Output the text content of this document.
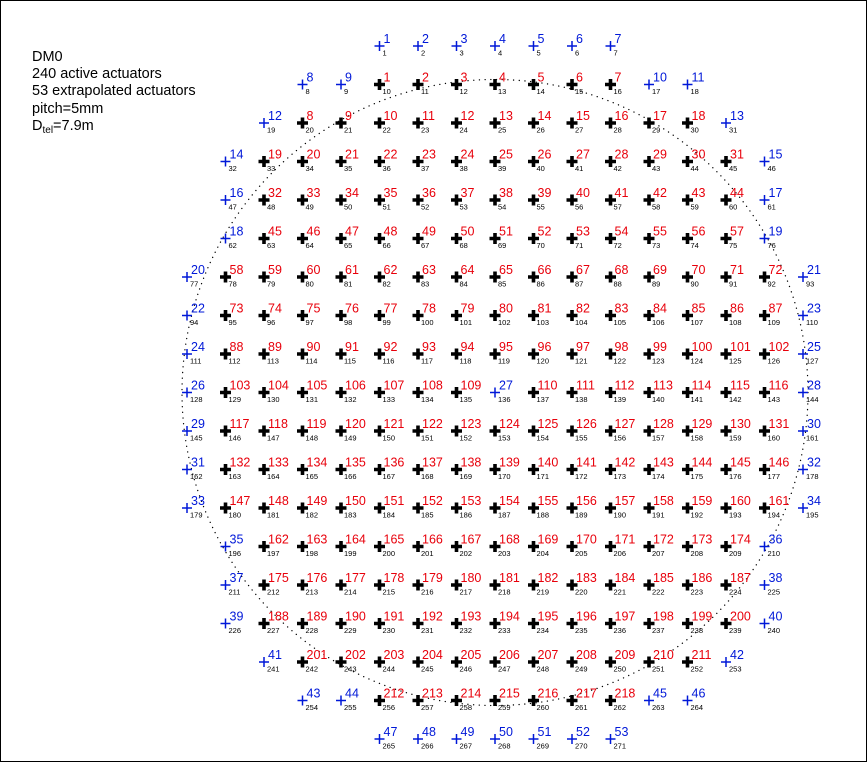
DM0
240 active actuators
53 extrapolated actuators
pitch=5mm
$D_{tel}=7.9m$
1
1
2
2
3
3
4
4
5
5
6
6
7
7
8
8
9
9
1
10
2
11
3
12
4
13
5
14
6
15
7
16
10
17
11
18
12
19
8
20
9
21
10
22
11
23
12
24
13
25
14
26
15
27
16
28
17
29
18
30
13
31
14
32
19
33
20
34
21
35
22
36
23
37
24
38
25
39
26
40
27
41
28
42
29
43
30
44
31
45
15
46
16
47
32
48
33
49
34
50
35
51
36
52
37
53
38
54
39
55
40
56
41
57
42
58
43
59
44
60
17
61
18
62
45
63
46
64
47
65
48
66
49
67
50
68
51
69
52
70
53
71
54
72
55
73
56
74
57
75
19
76
20
77
58
78
59
79
60
80
61
81
62
82
63
83
64
84
65
85
66
86
67
87
68
88
69
89
70
90
71
91
72
92
21
93
22
94
73
95
74
96
75
97
76
98
77
99
78
100
79
101
80
102
81
103
82
104
83
105
84
106
85
107
86
108
87
109
23
110
24
111
88
112
89
113
90
114
91
115
92
116
93
117
94
118
95
119
96
120
97
121
98
122
99
123
100
124
101
125
102
126
25
127
26
128
103
129
104
130
105
131
106
132
107
133
108
134
109
135
27
136
110
137
111
138
112
139
113
140
114
141
115
142
116
143
28
144
29
145
117
146
118
147
119
148
120
149
121
150
122
151
123
152
124
153
125
154
126
155
127
156
128
157
129
158
130
159
131
160
30
161
31
162
132
163
133
164
134
165
135
166
136
167
137
168
138
169
139
170
140
171
141
172
142
173
143
174
144
175
145
176
146
177
32
178
33
179
147
180
148
181
149
182
150
183
151
184
152
185
153
186
154
187
155
188
156
189
157
190
158
191
159
192
160
193
161
194
34
195
35
196
162
197
163
198
164
199
165
200
166
201
167
202
168
203
169
204
170
205
171
206
172
207
173
208
174
209
36
210
37
211
175
212
176
213
177
214
178
215
179
216
180
217
181
218
182
219
183
220
184
221
185
222
186
223
187
224
38
225
39
226
188
227
189
228
190
229
191
230
192
231
193
232
194
233
195
234
196
235
197
236
198
237
199
238
200
239
40
240
41
241
201
242
202
243
203
244
204
245
205
246
206
247
207
248
208
249
209
250
210
251
211
252
42
253
43
254
44
255
212
256
213
257
214
258
215
259
216
260
217
261
218
262
45
263
46
264
47
265
48
266
49
267
50
268
51
269
52
270
53
271
